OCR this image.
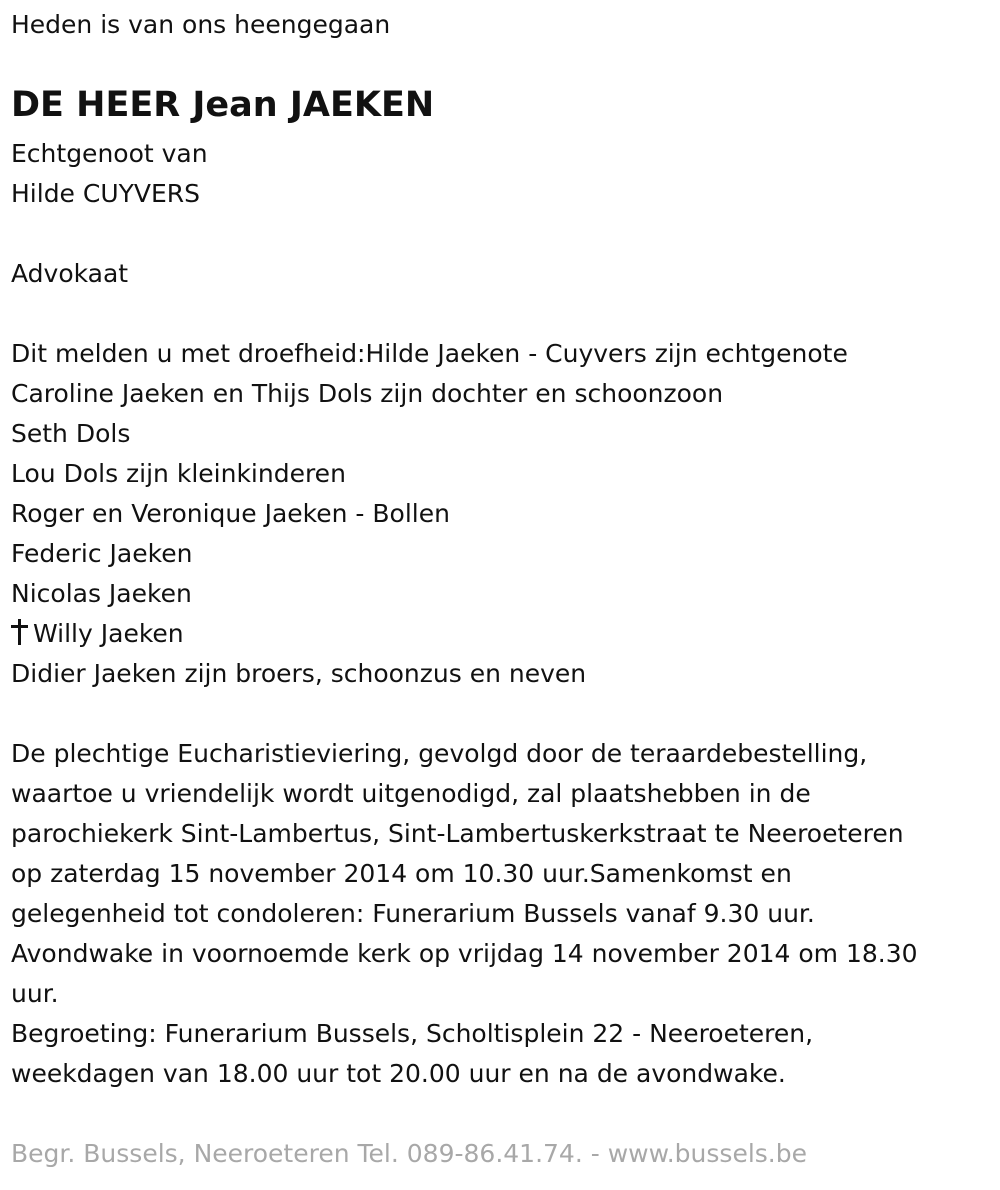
Heden is van ons heengegaan
DE HEER Jean JAEKEN
Echtgenoot van
Hilde CUYVERS
Advokaat
Dit melden u met droefheid:Hilde Jaeken - Cuyvers zijn echtgenote
Caroline Jaeken en Thijs Dols zijn dochter en schoonzoon
Seth Dols
Lou Dols zijn kleinkinderen
Roger en Veronique Jaeken - Bollen
Federic Jaeken
Nicolas Jaeken
Willy Jaeken
Didier Jaeken zijn broers, schoonzus en neven
De plechtige Eucharistieviering, gevolgd door de teraardebestelling,
waartoe u vriendelijk wordt uitgenodigd, zal plaatshebben in de
parochiekerk Sint-Lambertus, Sint-Lambertuskerkstraat te Neeroeteren
op zaterdag 15 november 2014 om 10.30 uur.Samenkomst en
gelegenheid tot condoleren: Funerarium Bussels vanaf 9.30 uur.
Avondwake in voornoemde kerk op vrijdag 14 november 2014 om 18.30
uur.
Begroeting: Funerarium Bussels, Scholtisplein 22 - Neeroeteren,
weekdagen van 18.00 uur tot 20.00 uur en na de avondwake.
Begr. Bussels, Neeroeteren Tel. 089-86.41.74. - www.bussels.be
